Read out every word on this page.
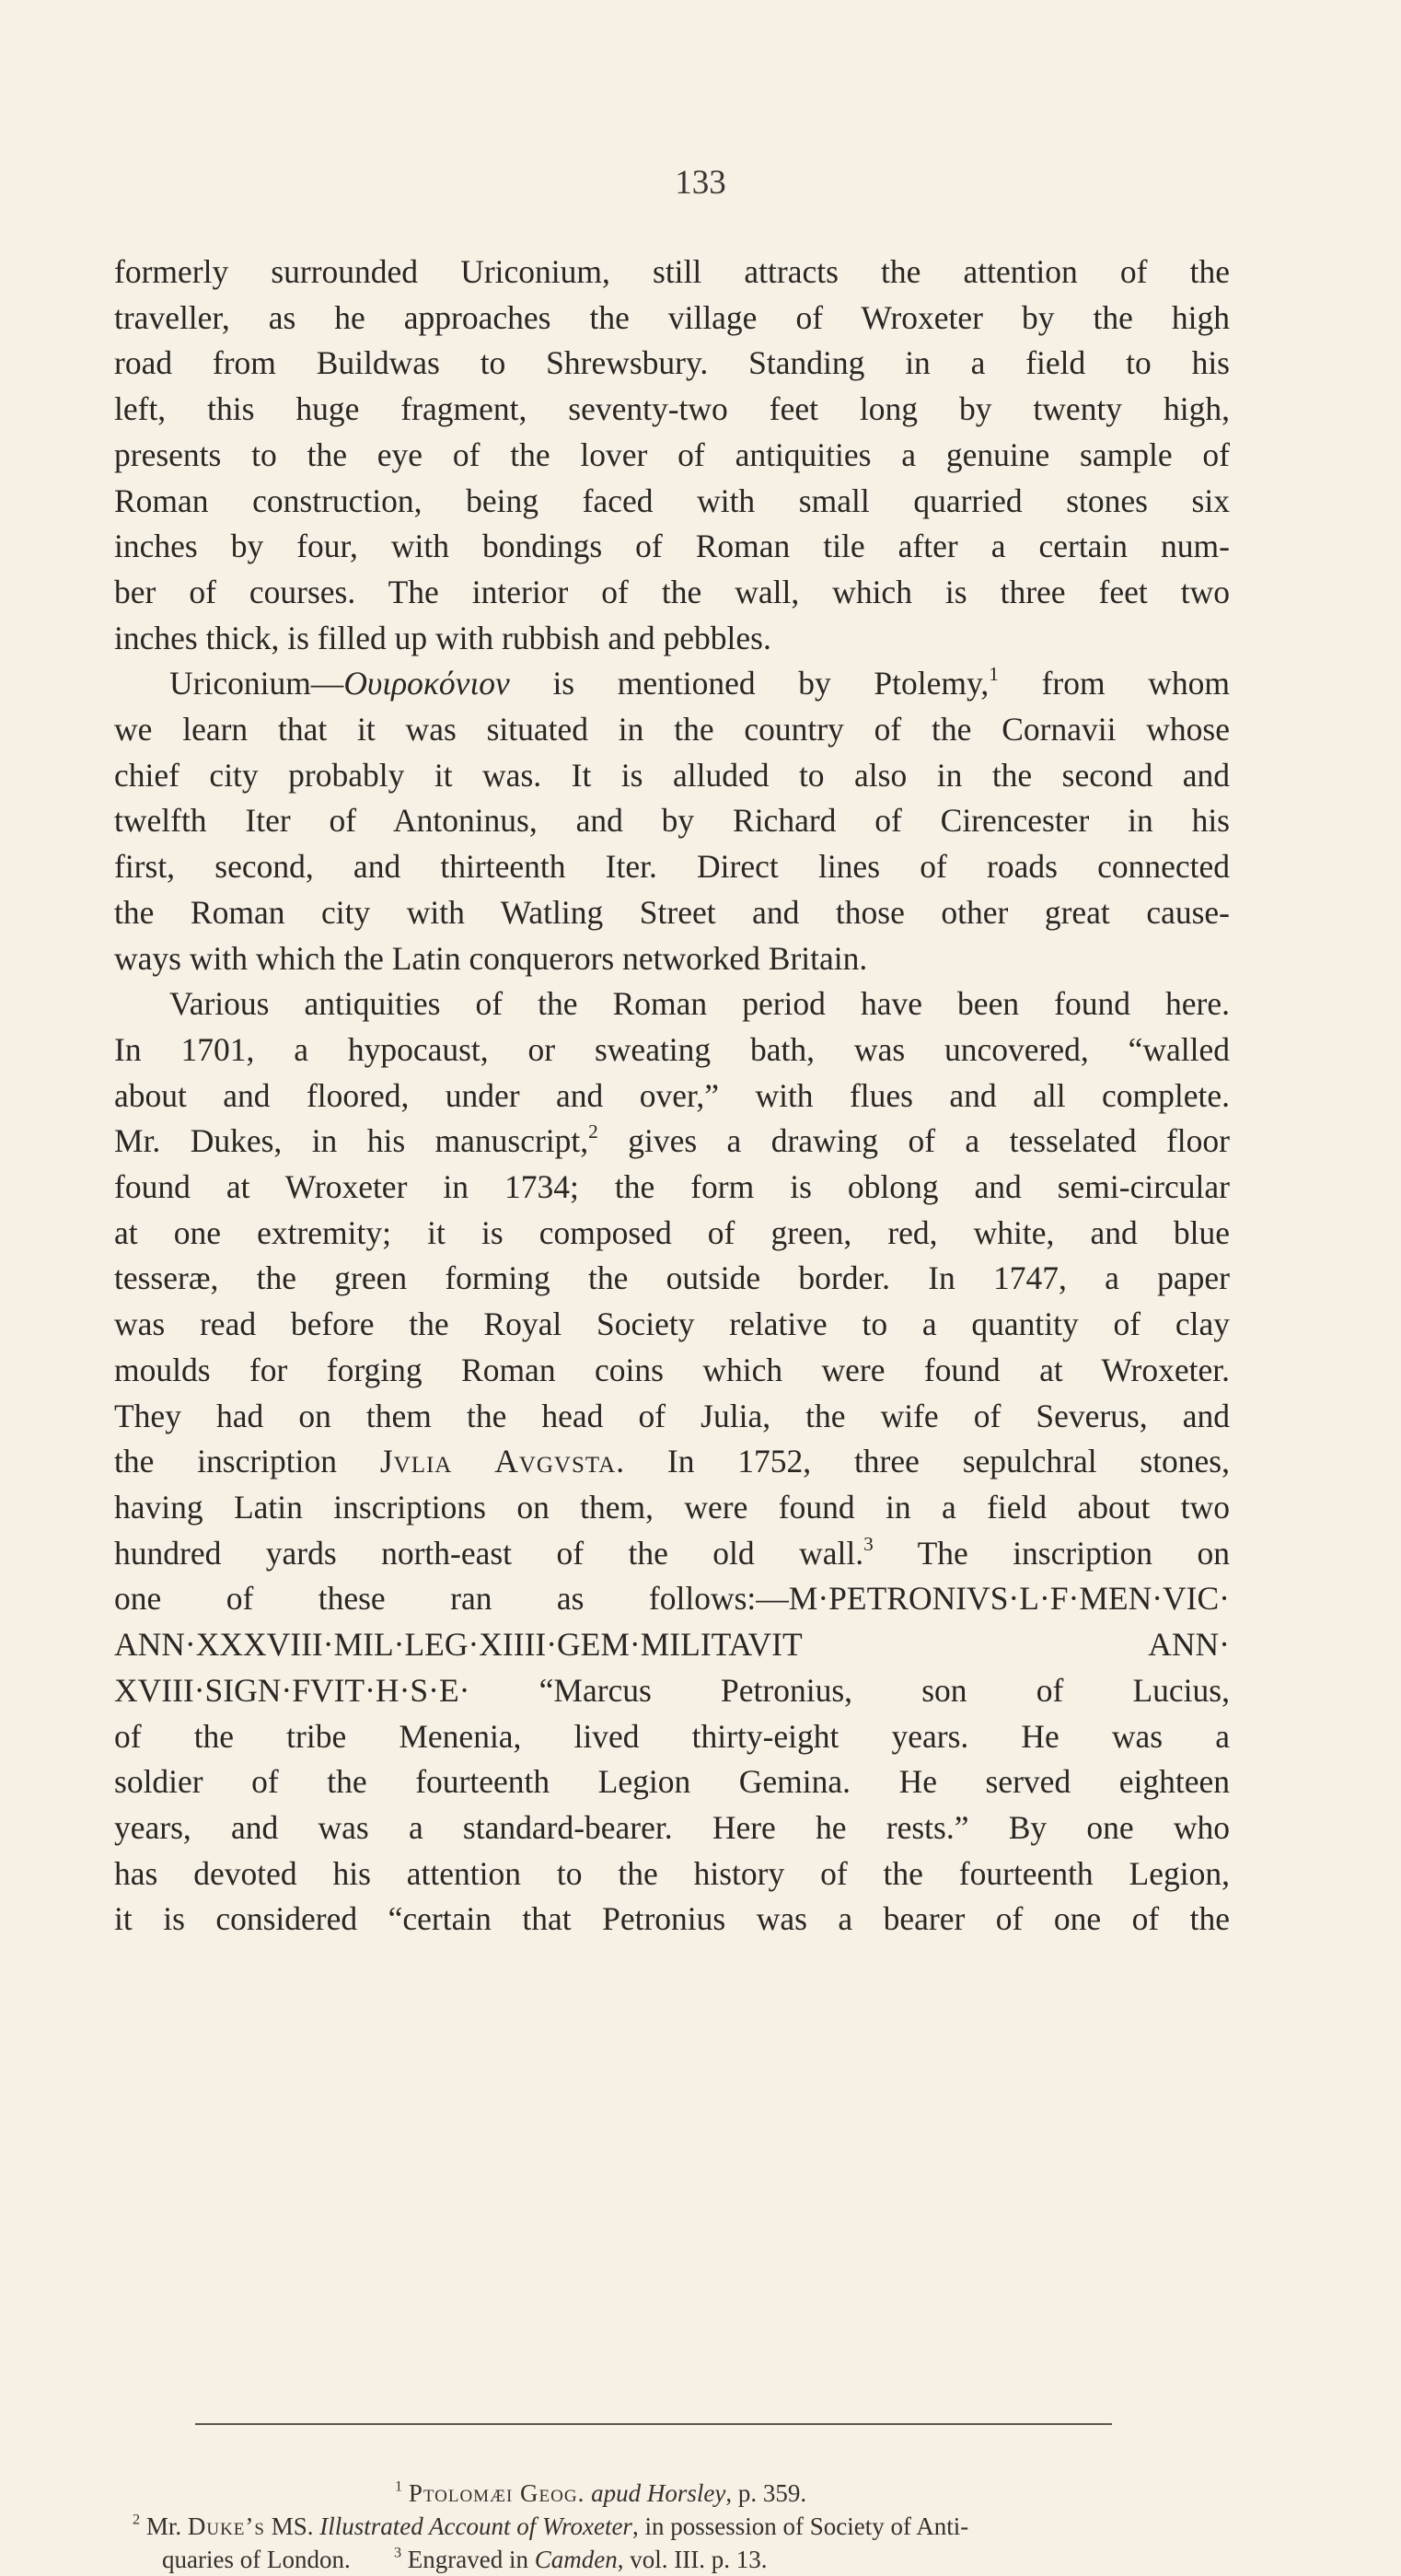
133
formerly surrounded Uriconium, still attracts the attention of the
traveller, as he approaches the village of Wroxeter by the high
road from Buildwas to Shrewsbury. Standing in a field to his
left, this huge fragment, seventy-two feet long by twenty high,
presents to the eye of the lover of antiquities a genuine sample of
Roman construction, being faced with small quarried stones six
inches by four, with bondings of Roman tile after a certain num-
ber of courses. The interior of the wall, which is three feet two
inches thick, is filled up with rubbish and pebbles.
Uriconium—Ουιροκόνιον is mentioned by Ptolemy,$^1$ from whom
we learn that it was situated in the country of the Cornavii whose
chief city probably it was. It is alluded to also in the second and
twelfth Iter of Antoninus, and by Richard of Cirencester in his
first, second, and thirteenth Iter. Direct lines of roads connected
the Roman city with Watling Street and those other great cause-
ways with which the Latin conquerors networked Britain.
Various antiquities of the Roman period have been found here.
In 1701, a hypocaust, or sweating bath, was uncovered, “walled
about and floored, under and over,” with flues and all complete.
Mr. Dukes, in his manuscript,$^2$ gives a drawing of a tesselated floor
found at Wroxeter in 1734; the form is oblong and semi-circular
at one extremity; it is composed of green, red, white, and blue
tesseræ, the green forming the outside border. In 1747, a paper
was read before the Royal Society relative to a quantity of clay
moulds for forging Roman coins which were found at Wroxeter.
They had on them the head of Julia, the wife of Severus, and
the inscription Jvlia Avgvsta. In 1752, three sepulchral stones,
having Latin inscriptions on them, were found in a field about two
hundred yards north-east of the old wall.$^3$ The inscription on
one of these ran as follows:—M·PETRONIVS·L·F·MEN·VIC·
ANN·XXXVIII·MIL·LEG·XIIII·GEM·MILITAVIT ANN·
XVIII·SIGN·FVIT·H·S·E· “Marcus Petronius, son of Lucius,
of the tribe Menenia, lived thirty-eight years. He was a
soldier of the fourteenth Legion Gemina. He served eighteen
years, and was a standard-bearer. Here he rests.” By one who
has devoted his attention to the history of the fourteenth Legion,
it is considered “certain that Petronius was a bearer of one of the
$^1$ Ptolomæi Geog. apud Horsley, p. 359.
$^2$ Mr. Duke’s MS. Illustrated Account of Wroxeter, in possession of Society of Anti-
quaries of London.	$^3$ Engraved in Camden, vol. III. p. 13.
